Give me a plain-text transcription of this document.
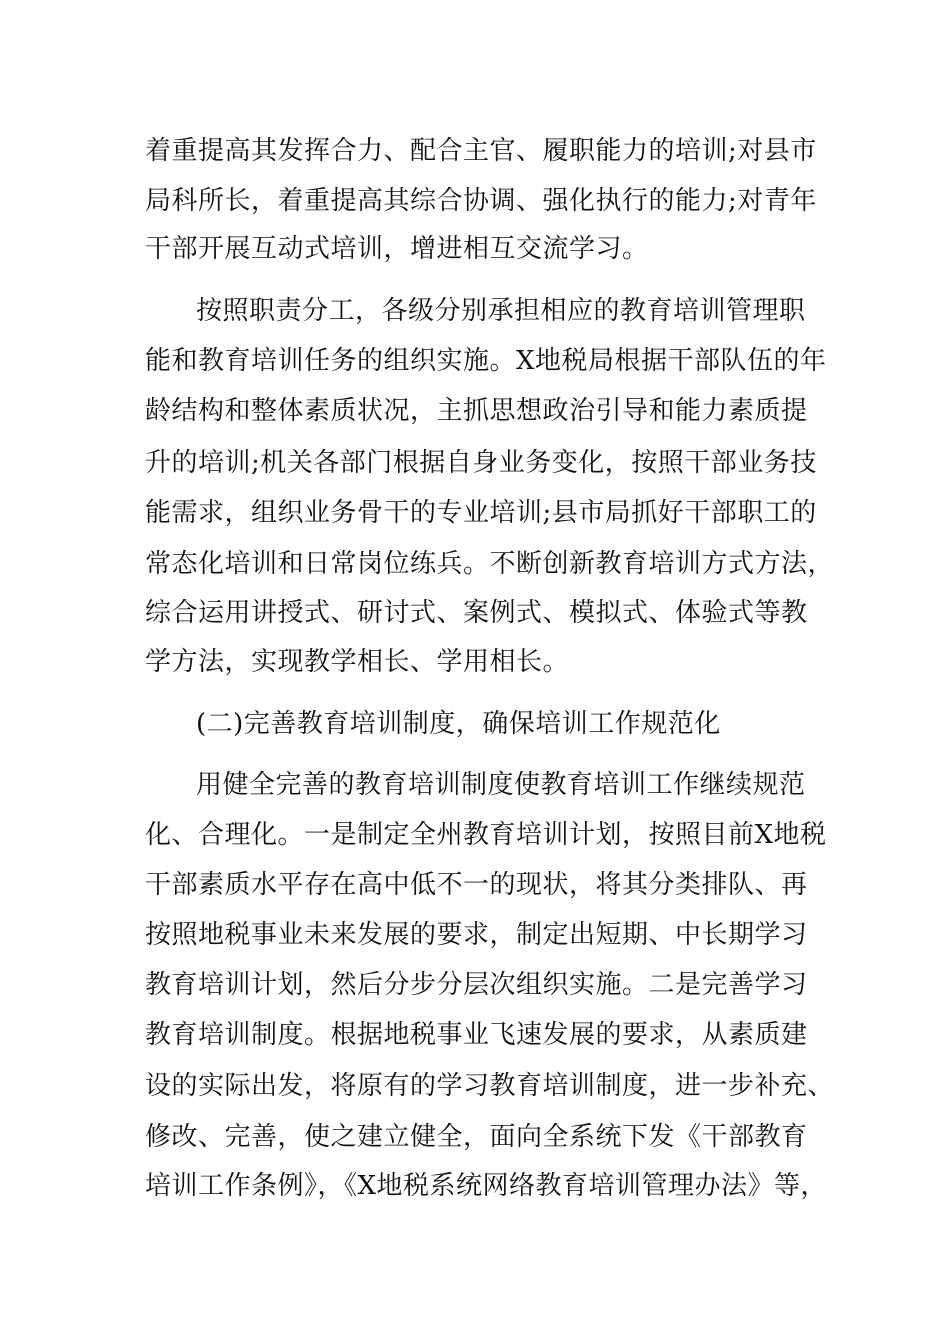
着重提高其发挥合力、配合主官、履职能力的培训;对县市
局科所长，着重提高其综合协调、强化执行的能力;对青年
干部开展互动式培训，增进相互交流学习。
按照职责分工，各级分别承担相应的教育培训管理职
能和教育培训任务的组织实施。X地税局根据干部队伍的年
龄结构和整体素质状况，主抓思想政治引导和能力素质提
升的培训;机关各部门根据自身业务变化，按照干部业务技
能需求，组织业务骨干的专业培训;县市局抓好干部职工的
常态化培训和日常岗位练兵。不断创新教育培训方式方法，
综合运用讲授式、研讨式、案例式、模拟式、体验式等教
学方法，实现教学相长、学用相长。
(二)完善教育培训制度，确保培训工作规范化
用健全完善的教育培训制度使教育培训工作继续规范
化、合理化。一是制定全州教育培训计划，按照目前X地税
干部素质水平存在高中低不一的现状，将其分类排队、再
按照地税事业未来发展的要求，制定出短期、中长期学习
教育培训计划，然后分步分层次组织实施。二是完善学习
教育培训制度。根据地税事业飞速发展的要求，从素质建
设的实际出发，将原有的学习教育培训制度，进一步补充、
修改、完善，使之建立健全，面向全系统下发《干部教育
培训工作条例》，《X地税系统网络教育培训管理办法》等，
